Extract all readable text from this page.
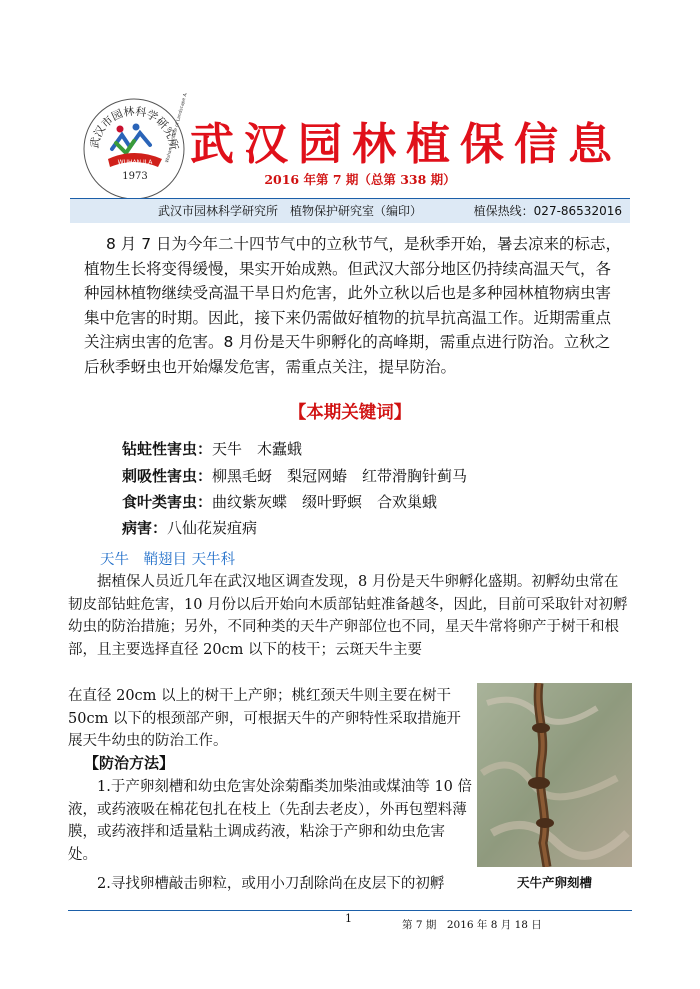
武汉市园林科学研究所
WUHAN ILA
1973
Wuhan Institute of Landscape
武汉园林植保信息
2016 年第 7 期（总第 338 期）
武汉市园林科学研究所　植物保护研究室（编印）	植保热线：027-86532016

8 月 7 日为今年二十四节气中的立秋节气，是秋季开始，暑去凉来的标志，植物生长将变得缓慢，果实开始成熟。但武汉大部分地区仍持续高温天气，各种园林植物继续受高温干旱日灼危害，此外立秋以后也是多种园林植物病虫害集中危害的时期。因此，接下来仍需做好植物的抗旱抗高温工作。近期需重点关注病虫害的危害。8 月份是天牛卵孵化的高峰期，需重点进行防治。立秋之后秋季蚜虫也开始爆发危害，需重点关注，提早防治。

【本期关键词】
钻蛀性害虫：天牛　木蠹蛾
刺吸性害虫：柳黑毛蚜　梨冠网蝽　红带滑胸针蓟马
食叶类害虫：曲纹紫灰蝶　缀叶野螟　合欢巢蛾
病害：八仙花炭疽病
天牛　鞘翅目 天牛科

据植保人员近几年在武汉地区调查发现，8 月份是天牛卵孵化盛期。初孵幼虫常在韧皮部钻蛀危害，10 月份以后开始向木质部钻蛀准备越冬，因此，目前可采取针对初孵幼虫的防治措施；另外，不同种类的天牛产卵部位也不同，星天牛常将卵产于树干和根部，且主要选择直径 20cm 以下的枝干；云斑天牛主要

在直径 20cm 以上的树干上产卵；桃红颈天牛则主要在树干 50cm 以下的根颈部产卵，可根据天牛的产卵特性采取措施开展天牛幼虫的防治工作。

【防治方法】

1.于产卵刻槽和幼虫危害处涂菊酯类加柴油或煤油等 10 倍液，或药液吸在棉花包扎在枝上（先刮去老皮），外再包塑料薄膜，或药液拌和适量粘土调成药液，粘涂于产卵和幼虫危害处。

2.寻找卵槽敲击卵粒，或用小刀刮除尚在皮层下的初孵	天牛产卵刻槽
1	第 7 期　2016 年 8 月 18 日
